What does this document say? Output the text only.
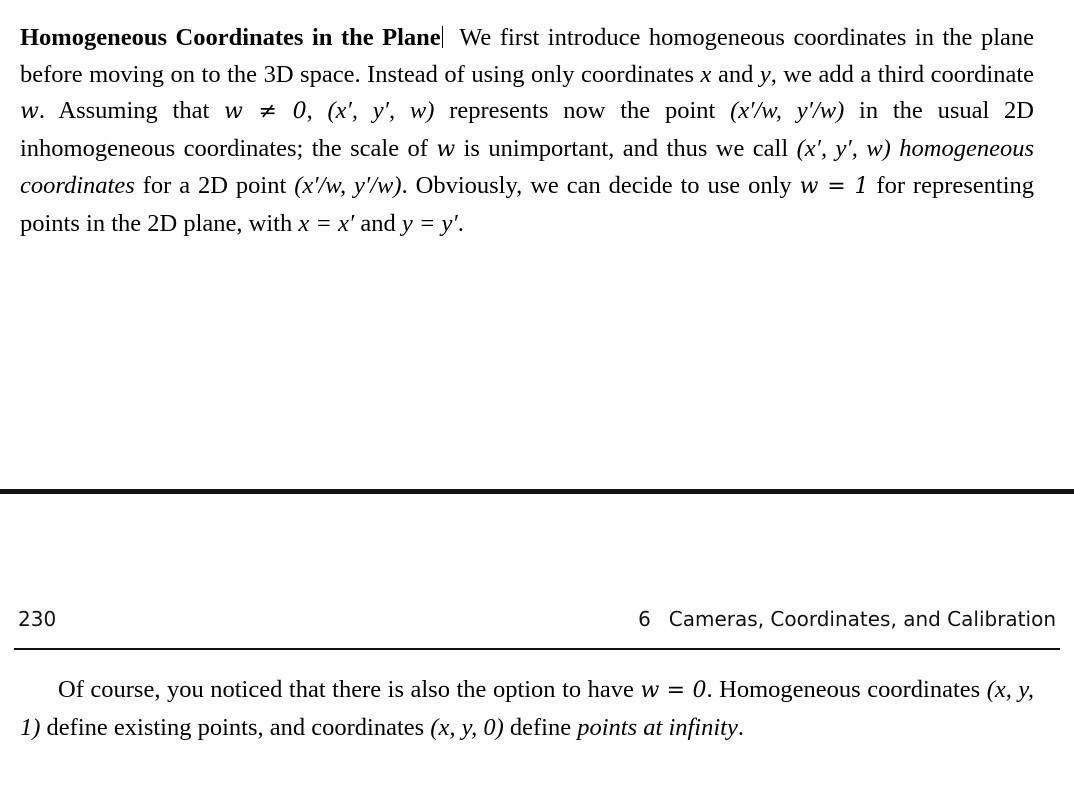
Homogeneous Coordinates in the Plane We first introduce homogeneous coordinates in the plane before moving on to the 3D space. Instead of using only coordinates x and y, we add a third coordinate w. Assuming that w ≠ 0, (x′, y′, w) represents now the point (x′/w, y′/w) in the usual 2D inhomogeneous coordinates; the scale of w is unimportant, and thus we call (x′, y′, w) homogeneous coordinates for a 2D point (x′/w, y′/w). Obviously, we can decide to use only w = 1 for representing points in the 2D plane, with x = x′ and y = y′.
230	6 Cameras, Coordinates, and Calibration
Of course, you noticed that there is also the option to have w = 0. Homogeneous coordinates (x, y, 1) define existing points, and coordinates (x, y, 0) define points at infinity.
